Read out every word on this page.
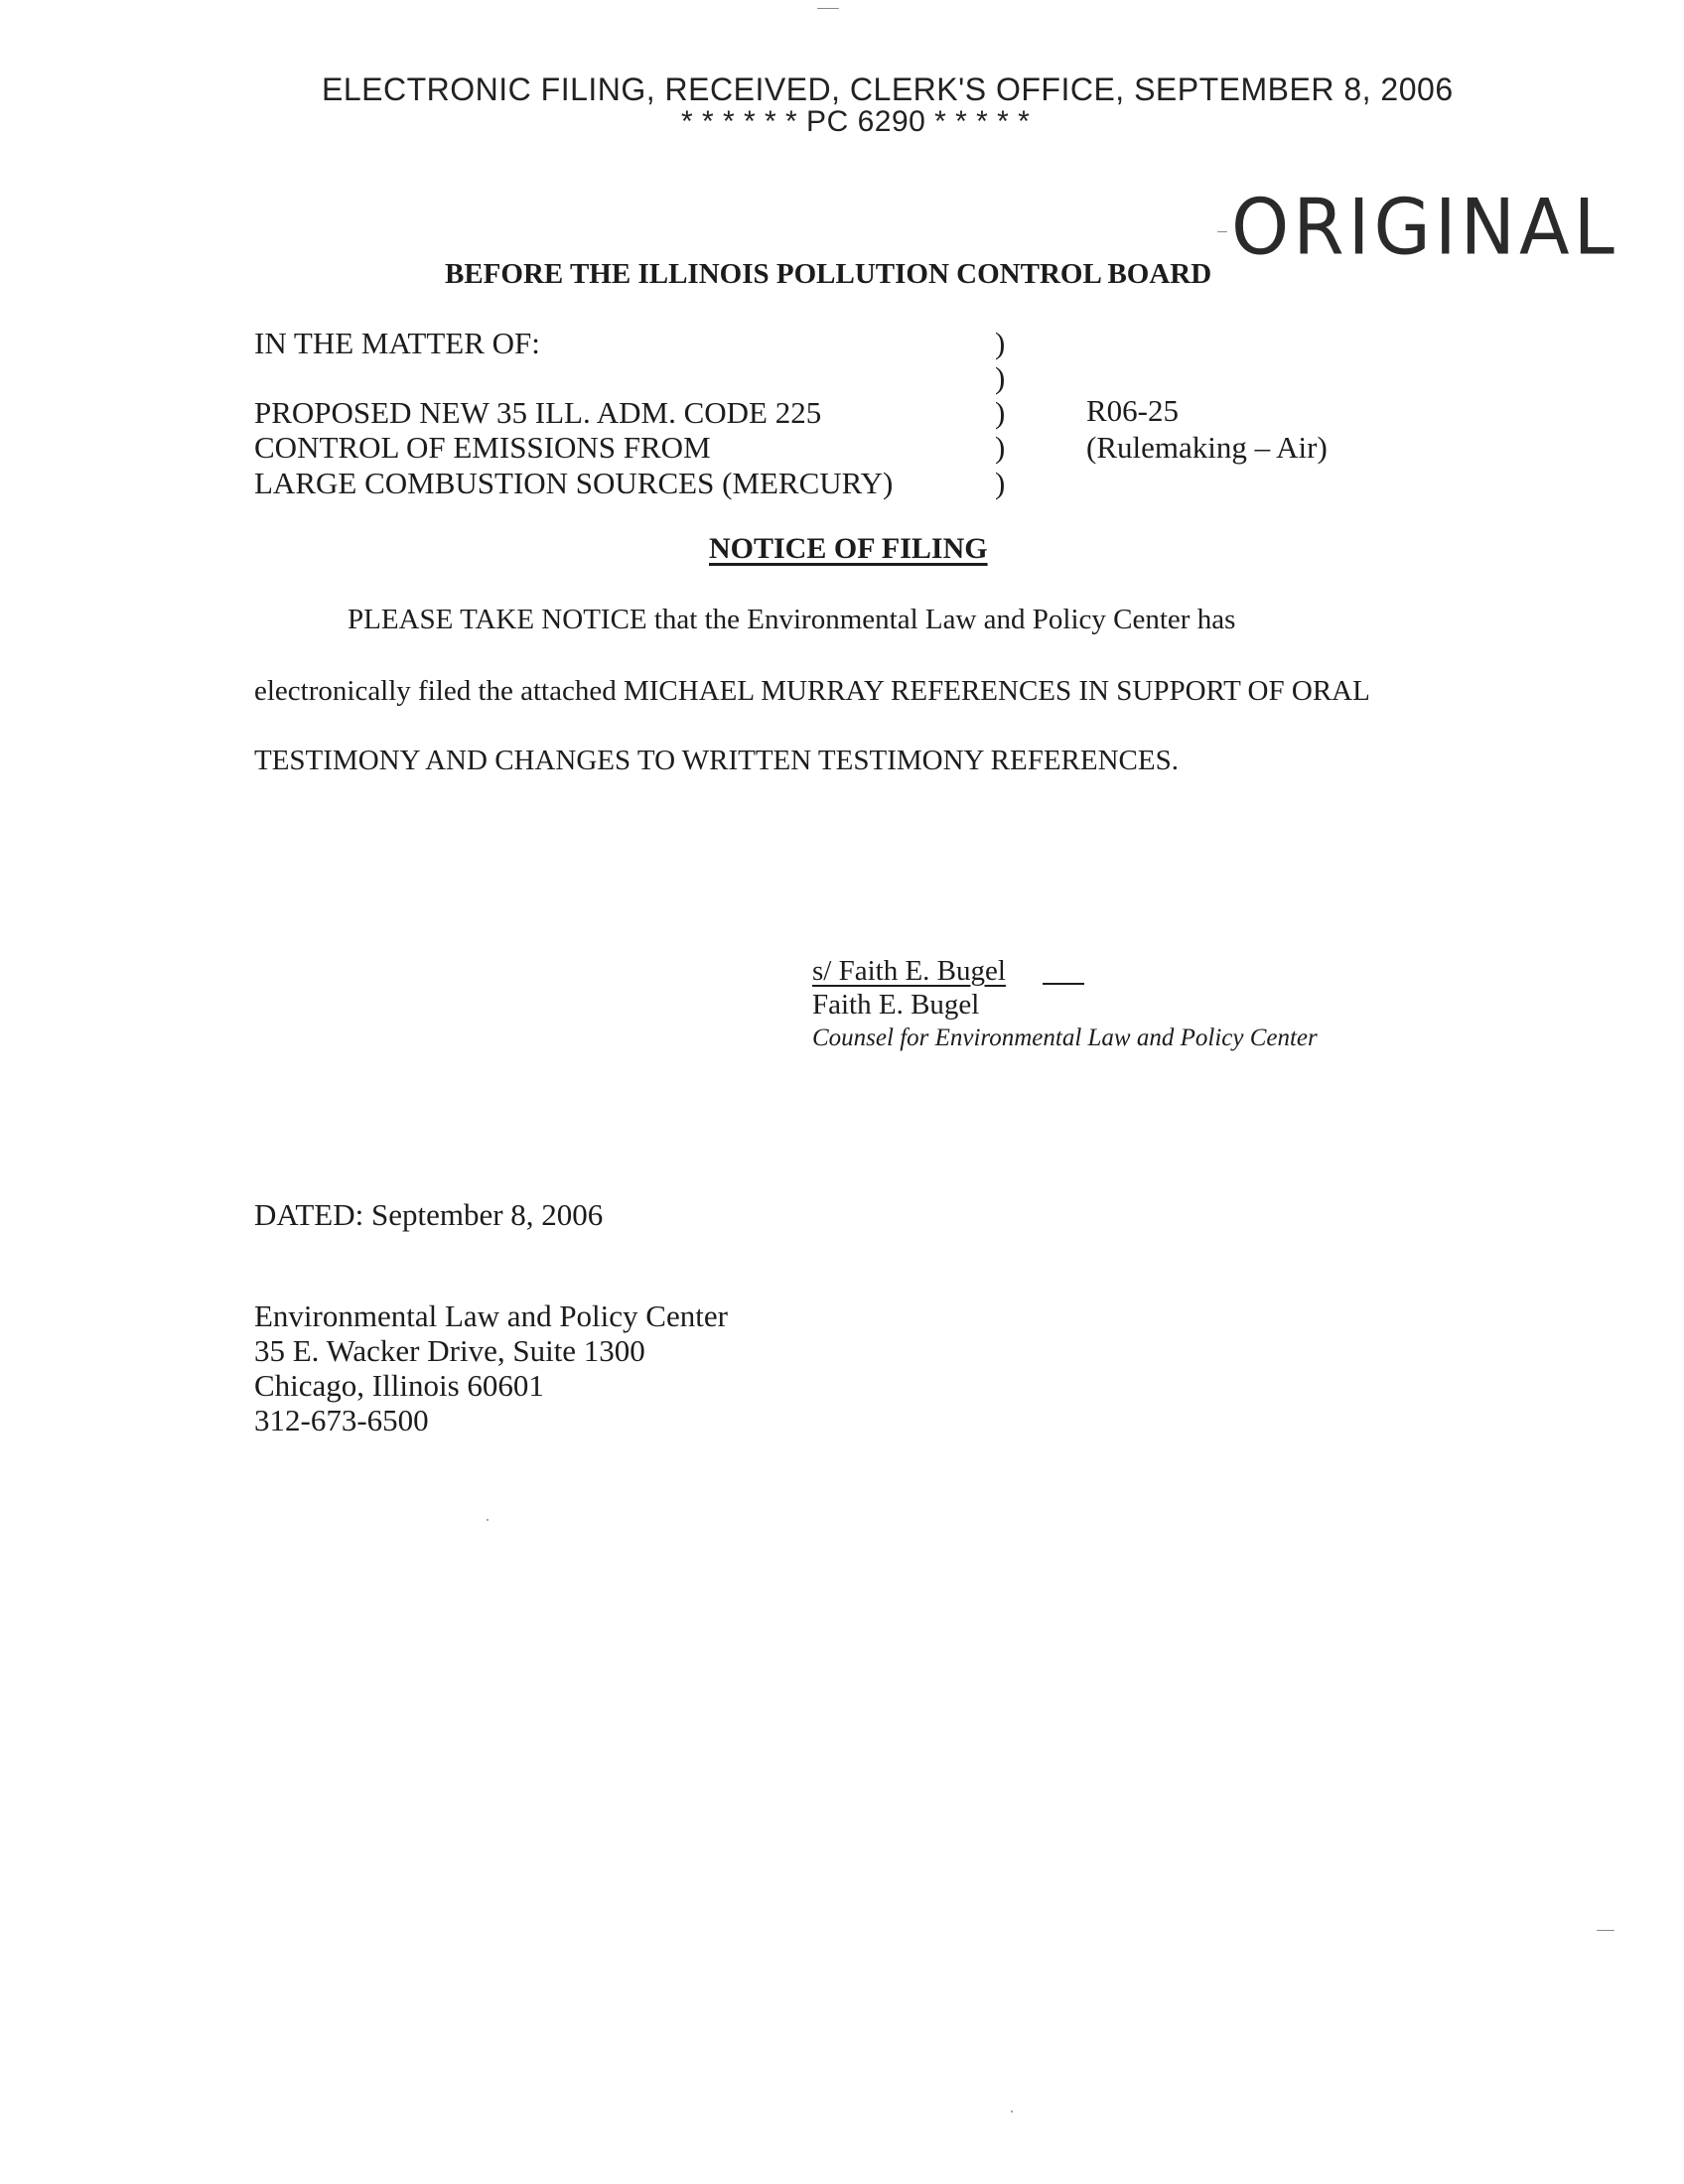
ELECTRONIC FILING, RECEIVED, CLERK'S OFFICE, SEPTEMBER 8, 2006
* * * * * * PC 6290 * * * * *
ORIGINAL
BEFORE THE ILLINOIS POLLUTION CONTROL BOARD
IN THE MATTER OF:
PROPOSED NEW 35 ILL. ADM. CODE 225
CONTROL OF EMISSIONS FROM
LARGE COMBUSTION SOURCES (MERCURY)
)
)
)
)
)
R06-25
(Rulemaking – Air)
NOTICE OF FILING
PLEASE TAKE NOTICE that the Environmental Law and Policy Center has
electronically filed the attached MICHAEL MURRAY REFERENCES IN SUPPORT OF ORAL
TESTIMONY AND CHANGES TO WRITTEN TESTIMONY REFERENCES.
s/ Faith E. Bugel
Faith E. Bugel
Counsel for Environmental Law and Policy Center
DATED: September 8, 2006
Environmental Law and Policy Center
35 E. Wacker Drive, Suite 1300
Chicago, Illinois 60601
312-673-6500
